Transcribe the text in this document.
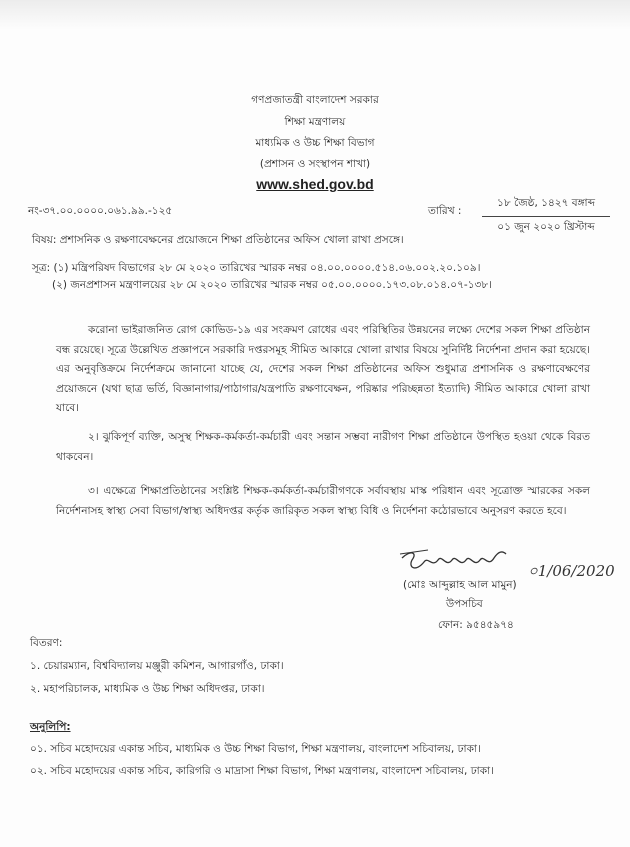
গণপ্রজাতন্ত্রী বাংলাদেশ সরকার
শিক্ষা মন্ত্রণালয়
মাধ্যমিক ও উচ্চ শিক্ষা বিভাগ
(প্রশাসন ও সংস্থাপন শাখা)
www.shed.gov.bd
নং-৩৭.০০.০০০০.০৬১.৯৯.-১২৫	তারিখ :
১৮ জৈষ্ঠ, ১৪২৭ বঙ্গাব্দ
০১ জুন ২০২০ খ্রিস্টাব্দ
বিষয়: প্রশাসনিক ও রক্ষণাবেক্ষনের প্রয়োজনে শিক্ষা প্রতিষ্ঠানের অফিস খোলা রাখা প্রসঙ্গে।
সূত্র: (১) মন্ত্রিপরিষদ বিভাগের ২৮ মে ২০২০ তারিখের স্মারক নম্বর ০৪.০০.০০০০.৫১৪.০৬.০০২.২০.১০৯।
(২) জনপ্রশাসন মন্ত্রণালয়ের ২৮ মে ২০২০ তারিখের স্মারক নম্বর ০৫.০০.০০০০.১৭৩.০৮.০১৪.০৭-১৩৮।
করোনা ভাইরাজনিত রোগ কোভিড-১৯ এর সংক্রমণ রোধের এবং পরিস্থিতির উন্নয়নের লক্ষ্যে দেশের সকল শিক্ষা প্রতিষ্ঠান বন্ধ রয়েছে। সূত্রে উল্লেখিত প্রজ্ঞাপনে সরকারি দপ্তরসমূহ সীমিত আকারে খোলা রাখার বিষয়ে সুনির্দিষ্ট নির্দেশনা প্রদান করা হয়েছে। এর অনুবৃত্তিক্রমে নির্দেশক্রমে জানানো যাচ্ছে যে, দেশের সকল শিক্ষা প্রতিষ্ঠানের অফিস শুধুমাত্র প্রশাসনিক ও রক্ষণাবেক্ষণের প্রয়োজনে (যথা ছাত্র ভর্তি, বিজ্ঞানাগার/পাঠাগার/যন্ত্রপাতি রক্ষণাবেক্ষন, পরিষ্কার পরিচ্ছন্নতা ইত্যাদি) সীমিত আকারে খোলা রাখা যাবে।
২। ঝুকিপূর্ণ ব্যক্তি, অসুস্থ শিক্ষক-কর্মকর্তা-কর্মচারী এবং সন্তান সম্ভবা নারীগণ শিক্ষা প্রতিষ্ঠানে উপস্থিত হওয়া থেকে বিরত থাকবেন।
৩। এক্ষেত্রে শিক্ষাপ্রতিষ্ঠানের সংশ্লিষ্ট শিক্ষক-কর্মকর্তা-কর্মচারীগণকে সর্বাবস্থায় মাস্ক পরিধান এবং সূত্রোক্ত স্মারকের সকল নির্দেশনাসহ স্বাস্থ্য সেবা বিভাগ/স্বাস্থ্য অধিদপ্তর কর্তৃক জারিকৃত সকল স্বাস্থ্য বিধি ও নির্দেশনা কঠোরভাবে অনুসরণ করতে হবে।
০1/06/2020
(মোঃ আব্দুল্লাহ আল মামুন)
উপসচিব
ফোন: ৯৫৪৫৯৭৪
বিতরণ:
১. চেয়ারম্যান, বিশ্ববিদ্যালয় মঞ্জুরী কমিশন, আগারগাঁও, ঢাকা।
২. মহাপরিচালক, মাধ্যমিক ও উচ্চ শিক্ষা অধিদপ্তর, ঢাকা।
অনুলিপি:
০১. সচিব মহোদয়ের একান্ত সচিব, মাধ্যমিক ও উচ্চ শিক্ষা বিভাগ, শিক্ষা মন্ত্রণালয়, বাংলাদেশ সচিবালয়, ঢাকা।
০২. সচিব মহোদয়ের একান্ত সচিব, কারিগরি ও মাদ্রাসা শিক্ষা বিভাগ, শিক্ষা মন্ত্রণালয়, বাংলাদেশ সচিবালয়, ঢাকা।
